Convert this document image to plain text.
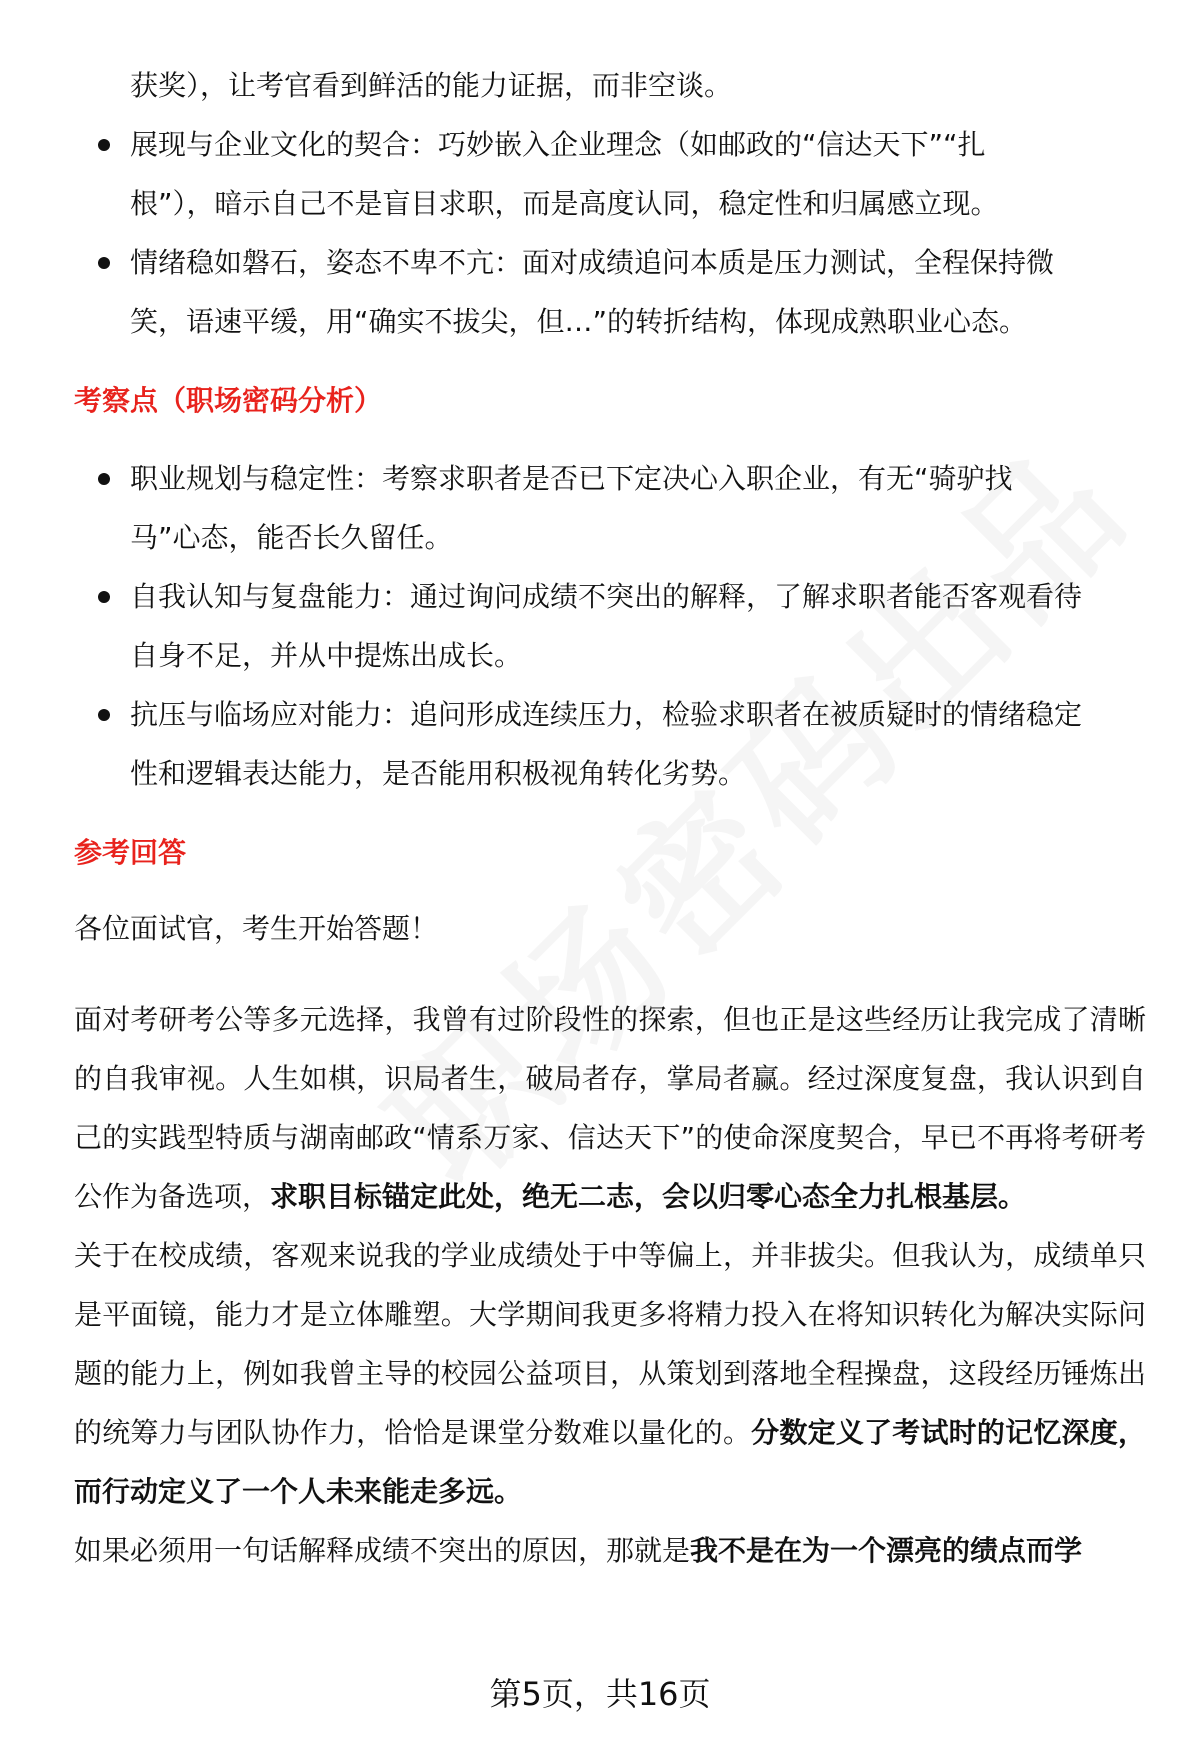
获奖），让考官看到鲜活的能力证据，而非空谈。

展现与企业文化的契合：巧妙嵌入企业理念（如邮政的“信达天下”“扎
根”），暗示自己不是盲目求职，而是高度认同，稳定性和归属感立现。
情绪稳如磐石，姿态不卑不亢：面对成绩追问本质是压力测试，全程保持微
笑，语速平缓，用“确实不拔尖，但…”的转折结构，体现成熟职业心态。
考察点（职场密码分析）
职业规划与稳定性：考察求职者是否已下定决心入职企业，有无“骑驴找
马”心态，能否长久留任。
自我认知与复盘能力：通过询问成绩不突出的解释，了解求职者能否客观看待
自身不足，并从中提炼出成长。
抗压与临场应对能力：追问形成连续压力，检验求职者在被质疑时的情绪稳定
性和逻辑表达能力，是否能用积极视角转化劣势。
参考回答

各位面试官，考生开始答题！

面对考研考公等多元选择，我曾有过阶段性的探索，但也正是这些经历让我完成了清晰的自我审视。人生如棋，识局者生，破局者存，掌局者赢。经过深度复盘，我认识到自己的实践型特质与湖南邮政“情系万家、信达天下”的使命深度契合，早已不再将考研考公作为备选项，求职目标锚定此处，绝无二志，会以归零心态全力扎根基层。

关于在校成绩，客观来说我的学业成绩处于中等偏上，并非拔尖。但我认为，成绩单只是平面镜，能力才是立体雕塑。大学期间我更多将精力投入在将知识转化为解决实际问题的能力上，例如我曾主导的校园公益项目，从策划到落地全程操盘，这段经历锤炼出的统筹力与团队协作力，恰恰是课堂分数难以量化的。分数定义了考试时的记忆深度，而行动定义了一个人未来能走多远。

如果必须用一句话解释成绩不突出的原因，那就是我不是在为一个漂亮的绩点而学

第5页，共16页
